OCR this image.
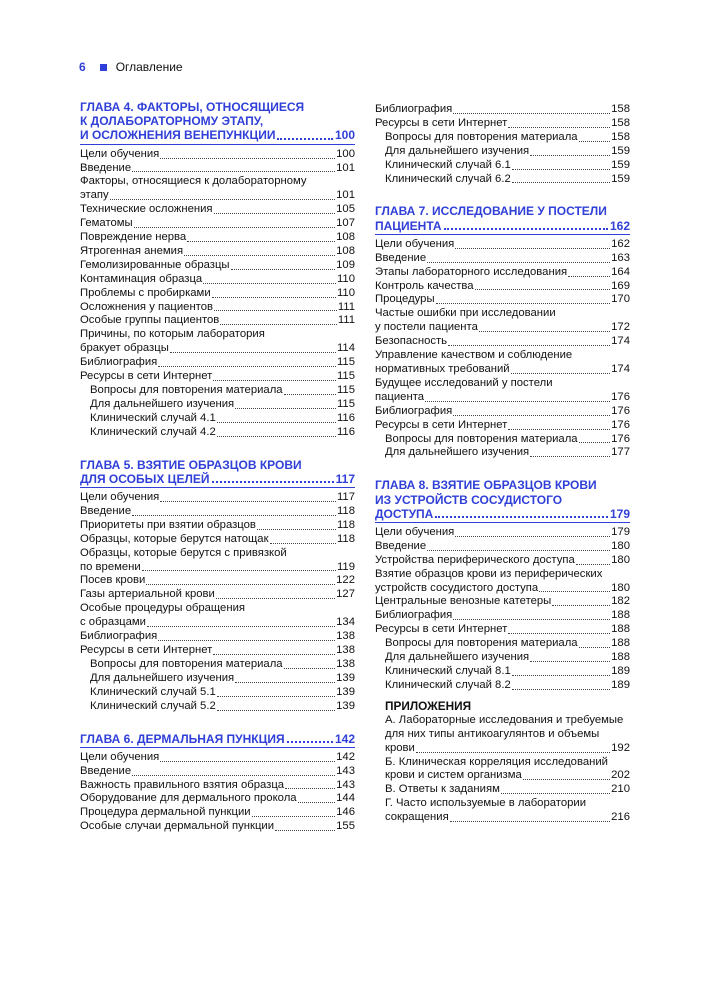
6	Оглавление
ГЛАВА 4. ФАКТОРЫ, ОТНОСЯЩИЕСЯ
К ДОЛАБОРАТОРНОМУ ЭТАПУ,
И ОСЛОЖНЕНИЯ ВЕНЕПУНКЦИИ	100
Цели обучения	100
Введение	101
Факторы, относящиеся к долабораторному
этапу	101
Технические осложнения	105
Гематомы	107
Повреждение нерва	108
Ятрогенная анемия	108
Гемолизированные образцы	109
Контаминация образца	110
Проблемы с пробирками	110
Осложнения у пациентов	111
Особые группы пациентов	111
Причины, по которым лаборатория
бракует образцы	114
Библиография	115
Ресурсы в сети Интернет	115
Вопросы для повторения материала	115
Для дальнейшего изучения	115
Клинический случай 4.1	116
Клинический случай 4.2	116
ГЛАВА 5. ВЗЯТИЕ ОБРАЗЦОВ КРОВИ
ДЛЯ ОСОБЫХ ЦЕЛЕЙ	117
Цели обучения	117
Введение	118
Приоритеты при взятии образцов	118
Образцы, которые берутся натощак	118
Образцы, которые берутся с привязкой
по времени	119
Посев крови	122
Газы артериальной крови	127
Особые процедуры обращения
с образцами	134
Библиография	138
Ресурсы в сети Интернет	138
Вопросы для повторения материала	138
Для дальнейшего изучения	139
Клинический случай 5.1	139
Клинический случай 5.2	139
ГЛАВА 6. ДЕРМАЛЬНАЯ ПУНКЦИЯ	142
Цели обучения	142
Введение	143
Важность правильного взятия образца	143
Оборудование для дермального прокола	144
Процедура дермальной пункции	146
Особые случаи дермальной пункции	155
Библиография	158
Ресурсы в сети Интернет	158
Вопросы для повторения материала	158
Для дальнейшего изучения	159
Клинический случай 6.1	159
Клинический случай 6.2	159
ГЛАВА 7. ИССЛЕДОВАНИЕ У ПОСТЕЛИ
ПАЦИЕНТА	162
Цели обучения	162
Введение	163
Этапы лабораторного исследования	164
Контроль качества	169
Процедуры	170
Частые ошибки при исследовании
у постели пациента	172
Безопасность	174
Управление качеством и соблюдение
нормативных требований	174
Будущее исследований у постели
пациента	176
Библиография	176
Ресурсы в сети Интернет	176
Вопросы для повторения материала	176
Для дальнейшего изучения	177
ГЛАВА 8. ВЗЯТИЕ ОБРАЗЦОВ КРОВИ
ИЗ УСТРОЙСТВ СОСУДИСТОГО
ДОСТУПА	179
Цели обучения	179
Введение	180
Устройства периферического доступа	180
Взятие образцов крови из периферических
устройств сосудистого доступа	180
Центральные венозные катетеры	182
Библиография	188
Ресурсы в сети Интернет	188
Вопросы для повторения материала	188
Для дальнейшего изучения	188
Клинический случай 8.1	189
Клинический случай 8.2	189
ПРИЛОЖЕНИЯ
А. Лабораторные исследования и требуемые
для них типы антикоагулянтов и объемы
крови	192
Б. Клиническая корреляция исследований
крови и систем организма	202
В. Ответы к заданиям	210
Г. Часто используемые в лаборатории
сокращения	216
